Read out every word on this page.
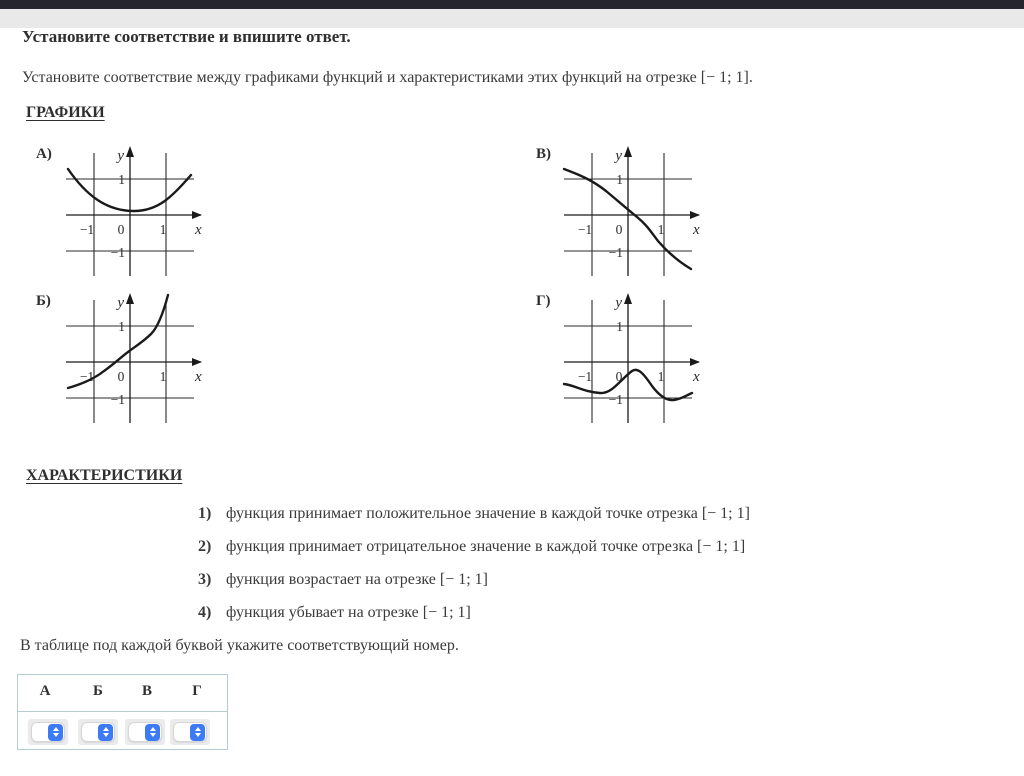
Установите соответствие и впишите ответ.

Установите соответствие между графиками функций и характеристиками этих функций на отрезке [− 1; 1].

ГРАФИКИ
А)	y
x
−1 0	1
1
−1
В)	y
x
−1 0	1
1
−1
Б)	y
x
−1 0	1
1
−1
Г)	y
x
−1 0	1
1
−1
ХАРАКТЕРИСТИКИ
1) функция принимает положительное значение в каждой точке отрезка [− 1; 1]
2) функция принимает отрицательное значение в каждой точке отрезка [− 1; 1]
3) функция возрастает на отрезке [− 1; 1]
4) функция убывает на отрезке [− 1; 1]

В таблице под каждой буквой укажите соответствующий номер.

А	Б	В	Г
